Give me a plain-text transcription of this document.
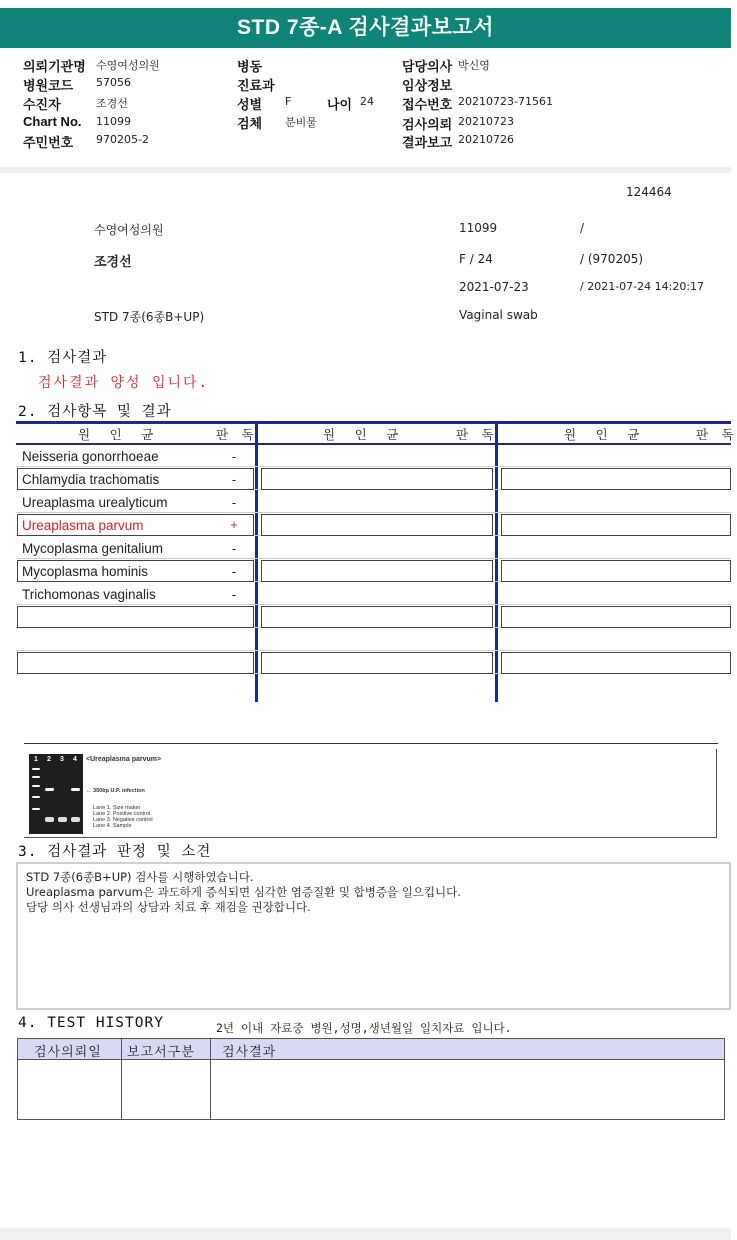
STD 7종-A 검사결과보고서
의뢰기관명 수영여성의원
병원코드 57056
수진자	조경선
Chart No. 11099
주민번호 970205-2
병동
진료과
성별 F	나이 24
검체 분비물
담당의사 박신영
임상정보
접수번호 20210723-71561
검사의뢰 20210723
결과보고 20210726
124464
수영여성의원	11099	/
조경선	F / 24	/ (970205)
2021-07-23	/ 2021-07-24 14:20:17
STD 7종(6종B+UP)	Vaginal swab
1. 검사결과
검사결과 양성 입니다.
2. 검사항목 및 결과
원 인 균	판 독	원 인 균	판 독	원 인 균	판 독
Neisseria gonorrhoeae	-
Chlamydia trachomatis	-
Ureaplasma urealyticum	-
Ureaplasma parvum	+
Mycoplasma genitalium	-
Mycoplasma hominis	-
Trichomonas vaginalis	-
1 2 3 4 <Ureaplasma parvum>
← 350bp U.P. infection
Lane 1. Size maker
Lane 2. Positive control
Lane 3. Negative control
Lane 4. Sample
3. 검사결과 판정 및 소견
STD 7종(6종B+UP) 검사를 시행하였습니다.
Ureaplasma parvum은 과도하게 증식되면 심각한 염증질환 및 합병증을 일으킵니다.
담당 의사 선생님과의 상담과 치료 후 재검을 권장합니다.
4. TEST HISTORY	2년 이내 자료중 병원,성명,생년월일 일치자료 입니다.
검사의뢰일 보고서구분 검사결과
